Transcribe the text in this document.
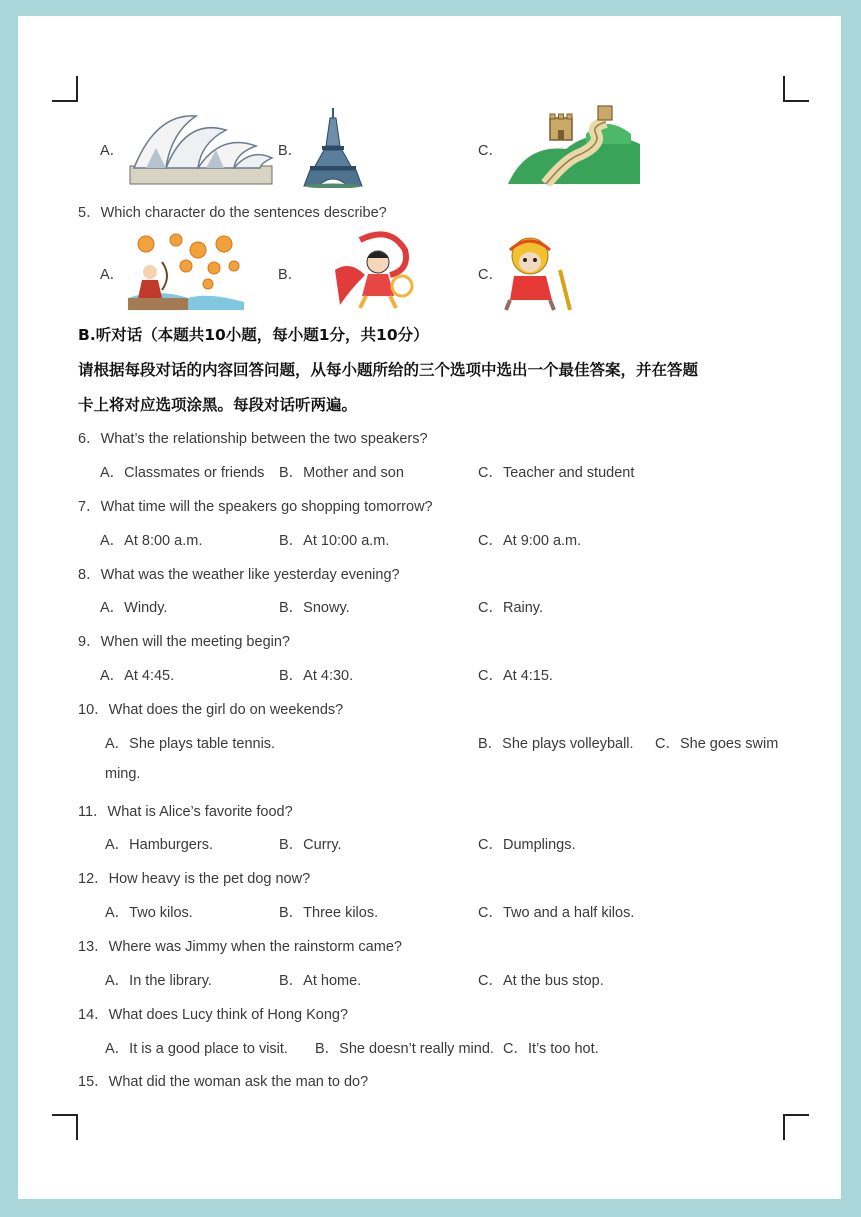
A．	B．	C．
5．Which character do the sentences describe?
A．	B．	C．
B.听对话（本题共10小题，每小题1分，共10分）
请根据每段对话的内容回答问题，从每小题所给的三个选项中选出一个最佳答案，并在答题
卡上将对应选项涂黑。每段对话听两遍。
6．What’s the relationship between the two speakers?
A．Classmates or friends B．Mother and son	C．Teacher and student
7．What time will the speakers go shopping tomorrow?
A．At 8:00 a.m.	B．At 10:00 a.m.	C．At 9:00 a.m.
8．What was the weather like yesterday evening?
A．Windy.	B．Snowy.	C．Rainy.
9．When will the meeting begin?
A．At 4:45.	B．At 4:30.	C．At 4:15.
10．What does the girl do on weekends?
A．She plays table tennis.	B．She plays volleyball. C．She goes swim
ming.
11．What is Alice’s favorite food?
A．Hamburgers.	B．Curry.	C．Dumplings.
12．How heavy is the pet dog now?
A．Two kilos.	B．Three kilos.	C．Two and a half kilos.
13．Where was Jimmy when the rainstorm came?
A．In the library.	B．At home.	C．At the bus stop.
14．What does Lucy think of Hong Kong?
A．It is a good place to visit. B．She doesn’t really mind. C．It’s too hot.
15．What did the woman ask the man to do?
